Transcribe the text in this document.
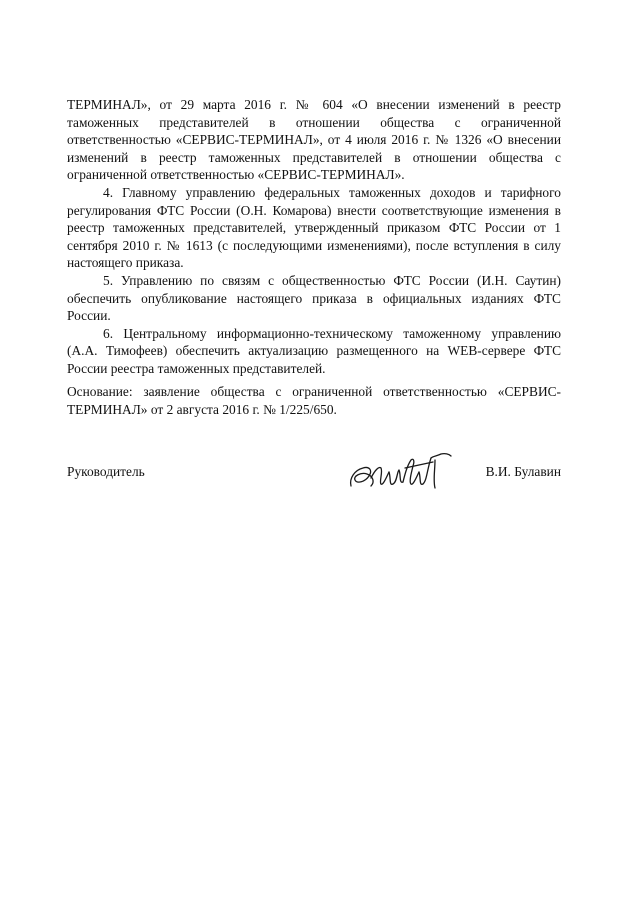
ТЕРМИНАЛ», от 29 марта 2016 г. № 604 «О внесении изменений в реестр таможенных представителей в отношении общества с ограниченной ответственностью «СЕРВИС-ТЕРМИНАЛ», от 4 июля 2016 г. № 1326 «О внесении изменений в реестр таможенных представителей в отношении общества с ограниченной ответственностью «СЕРВИС-ТЕРМИНАЛ».

4. Главному управлению федеральных таможенных доходов и тарифного регулирования ФТС России (О.Н. Комарова) внести соответствующие изменения в реестр таможенных представителей, утвержденный приказом ФТС России от 1 сентября 2010 г. № 1613 (с последующими изменениями), после вступления в силу настоящего приказа.

5. Управлению по связям с общественностью ФТС России (И.Н. Саутин) обеспечить опубликование настоящего приказа в официальных изданиях ФТС России.

6. Центральному информационно-техническому таможенному управлению (А.А. Тимофеев) обеспечить актуализацию размещенного на WEB-сервере ФТС России реестра таможенных представителей.

Основание: заявление общества с ограниченной ответственностью «СЕРВИС-ТЕРМИНАЛ» от 2 августа 2016 г. № 1/225/650.

Руководитель	В.И. Булавин
